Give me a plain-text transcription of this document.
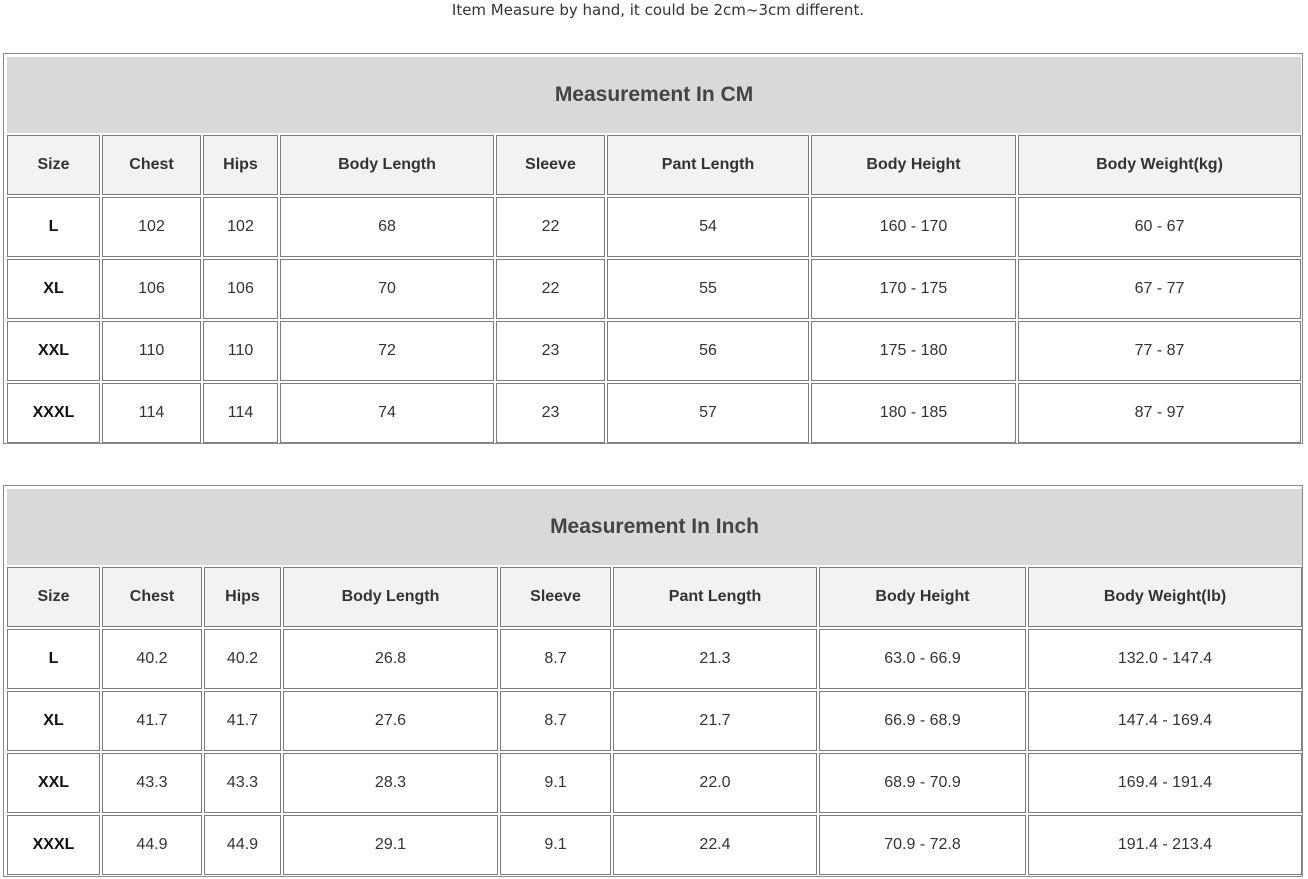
Item Measure by hand, it could be 2cm~3cm different.
Measurement In CM							
Size	Chest	Hips	Body Length	Sleeve	Pant Length	Body Height	Body Weight(kg)
L	102	102	68	22	54	160 - 170	60 - 67
XL	106	106	70	22	55	170 - 175	67 - 77
XXL	110	110	72	23	56	175 - 180	77 - 87
XXXL	114	114	74	23	57	180 - 185	87 - 97
Measurement In Inch							
Size	Chest	Hips	Body Length	Sleeve	Pant Length	Body Height	Body Weight(lb)
L	40.2	40.2	26.8	8.7	21.3	63.0 - 66.9	132.0 - 147.4
XL	41.7	41.7	27.6	8.7	21.7	66.9 - 68.9	147.4 - 169.4
XXL	43.3	43.3	28.3	9.1	22.0	68.9 - 70.9	169.4 - 191.4
XXXL	44.9	44.9	29.1	9.1	22.4	70.9 - 72.8	191.4 - 213.4
